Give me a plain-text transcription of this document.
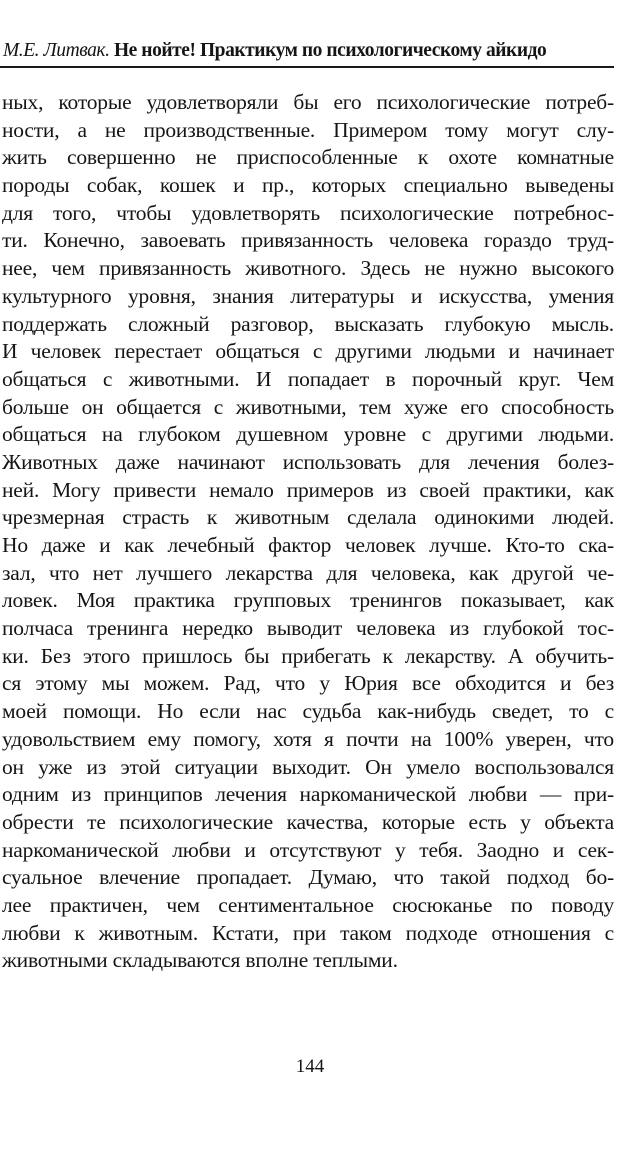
М.Е. Литвак. Не нойте! Практикум по психологическому айкидо
ных, которые удовлетворяли бы его психологические потреб-
ности, а не производственные. Примером тому могут слу-
жить совершенно не приспособленные к охоте комнатные
породы собак, кошек и пр., которых специально выведены
для того, чтобы удовлетворять психологические потребнос-
ти. Конечно, завоевать привязанность человека гораздо труд-
нее, чем привязанность животного. Здесь не нужно высокого
культурного уровня, знания литературы и искусства, умения
поддержать сложный разговор, высказать глубокую мысль.
И человек перестает общаться с другими людьми и начинает
общаться с животными. И попадает в порочный круг. Чем
больше он общается с животными, тем хуже его способность
общаться на глубоком душевном уровне с другими людьми.
Животных даже начинают использовать для лечения болез-
ней. Могу привести немало примеров из своей практики, как
чрезмерная страсть к животным сделала одинокими людей.
Но даже и как лечебный фактор человек лучше. Кто-то ска-
зал, что нет лучшего лекарства для человека, как другой че-
ловек. Моя практика групповых тренингов показывает, как
полчаса тренинга нередко выводит человека из глубокой тос-
ки. Без этого пришлось бы прибегать к лекарству. А обучить-
ся этому мы можем. Рад, что у Юрия все обходится и без
моей помощи. Но если нас судьба как-нибудь сведет, то с
удовольствием ему помогу, хотя я почти на 100% уверен, что
он уже из этой ситуации выходит. Он умело воспользовался
одним из принципов лечения наркоманической любви — при-
обрести те психологические качества, которые есть у объекта
наркоманической любви и отсутствуют у тебя. Заодно и сек-
суальное влечение пропадает. Думаю, что такой подход бо-
лее практичен, чем сентиментальное сюсюканье по поводу
любви к животным. Кстати, при таком подходе отношения с
животными складываются вполне теплыми.
144
